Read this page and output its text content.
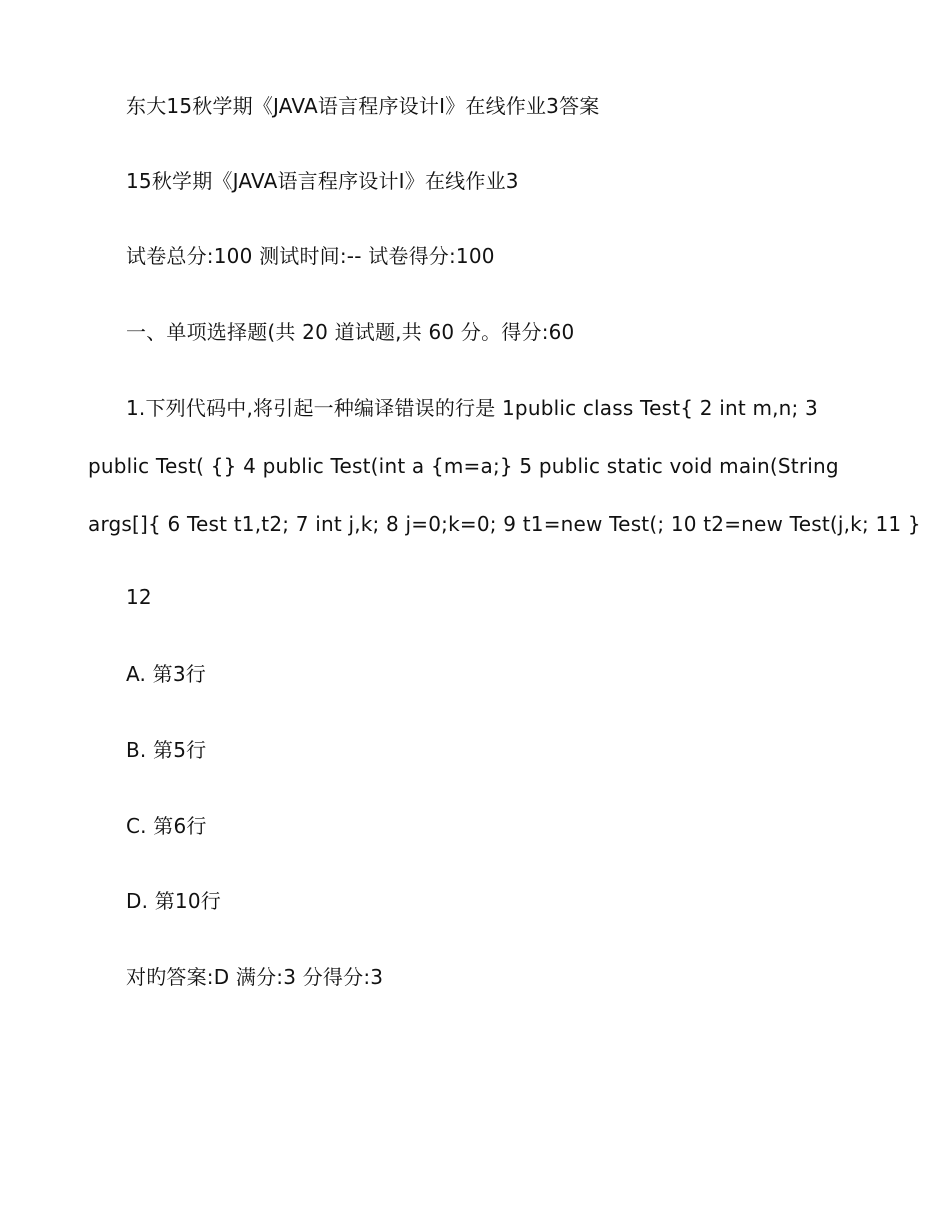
东大15秋学期《JAVA语言程序设计Ⅰ》在线作业3答案
15秋学期《JAVA语言程序设计Ⅰ》在线作业3
试卷总分:100 测试时间:-- 试卷得分:100
一、单项选择题(共 20 道试题,共 60 分。得分:60
1.下列代码中,将引起一种编译错误的行是 1public class Test{ 2 int m,n; 3
public Test( {} 4 public Test(int a {m=a;} 5 public static void main(String
args[]{ 6 Test t1,t2; 7 int j,k; 8 j=0;k=0; 9 t1=new Test(; 10 t2=new Test(j,k; 11 }
12
A. 第3行
B. 第5行
C. 第6行
D. 第10行
对旳答案:D 满分:3 分得分:3
